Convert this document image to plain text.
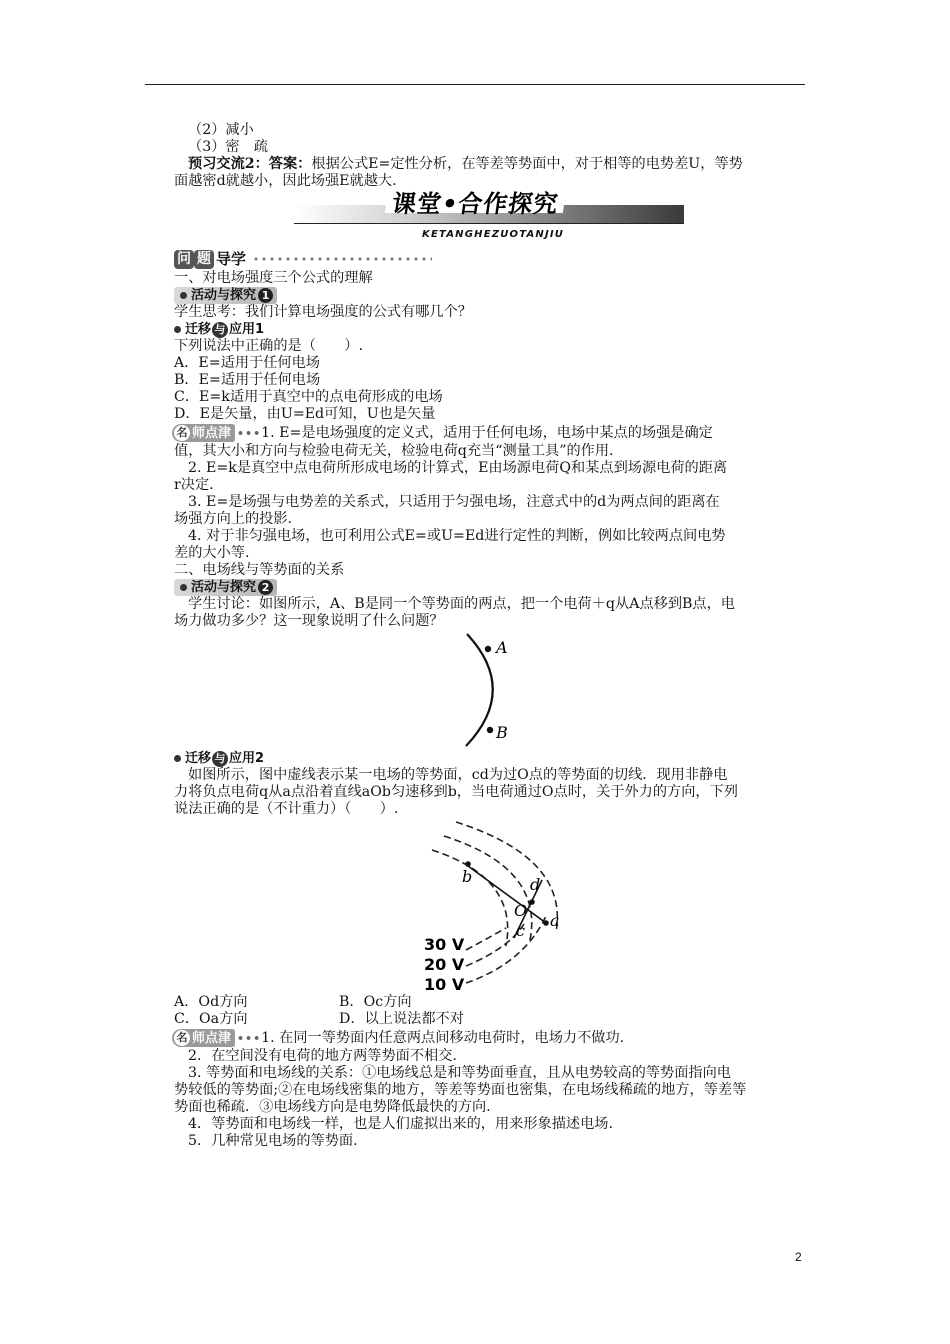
（2）减小

（3）密　疏

预习交流2：答案：根据公式E=定性分析，在等差等势面中，对于相等的电势差U，等势

面越密d就越小，因此场强E就越大.

课堂•合作探究
KETANGHEZUOTANJIU
问 题 导学

一、对电场强度三个公式的理解

活动与探究 1

学生思考：我们计算电场强度的公式有哪几个？

迁移 与 应用1

下列说法中正确的是（　　）.

A．E=适用于任何电场

B．E=适用于任何电场

C．E=k适用于真空中的点电荷形成的电场

D．E是矢量，由U=Ed可知，U也是矢量

名 师点津 ••• 1. E=是电场强度的定义式，适用于任何电场，电场中某点的场强是确定

值，其大小和方向与检验电荷无关，检验电荷q充当“测量工具”的作用.

2. E=k是真空中点电荷所形成电场的计算式，E由场源电荷Q和某点到场源电荷的距离

r决定.

3. E=是场强与电势差的关系式，只适用于匀强电场，注意式中的d为两点间的距离在

场强方向上的投影.

4. 对于非匀强电场，也可利用公式E=或U=Ed进行定性的判断，例如比较两点间电势

差的大小等.

二、电场线与等势面的关系

活动与探究 2

学生讨论：如图所示，A、B是同一个等势面的两点，把一个电荷＋q从A点移到B点，电

场力做功多少？这一现象说明了什么问题？

A
B
迁移 与 应用2

如图所示，图中虚线表示某一电场的等势面，cd为过O点的等势面的切线．现用非静电

力将负点电荷q从a点沿着直线aOb匀速移到b，当电荷通过O点时，关于外力的方向，下列

说法正确的是（不计重力）（　　）.

b	d
O
a
c
30 V
20 V
10 V
A．Od方向	B．Oc方向
C．Oa方向	D．以上说法都不对

名 师点津 ••• 1. 在同一等势面内任意两点间移动电荷时，电场力不做功.

2．在空间没有电荷的地方两等势面不相交.

3. 等势面和电场线的关系：①电场线总是和等势面垂直，且从电势较高的等势面指向电

势较低的等势面;②在电场线密集的地方，等差等势面也密集，在电场线稀疏的地方，等差等

势面也稀疏．③电场线方向是电势降低最快的方向.

4．等势面和电场线一样，也是人们虚拟出来的，用来形象描述电场.

5．几种常见电场的等势面.

2
